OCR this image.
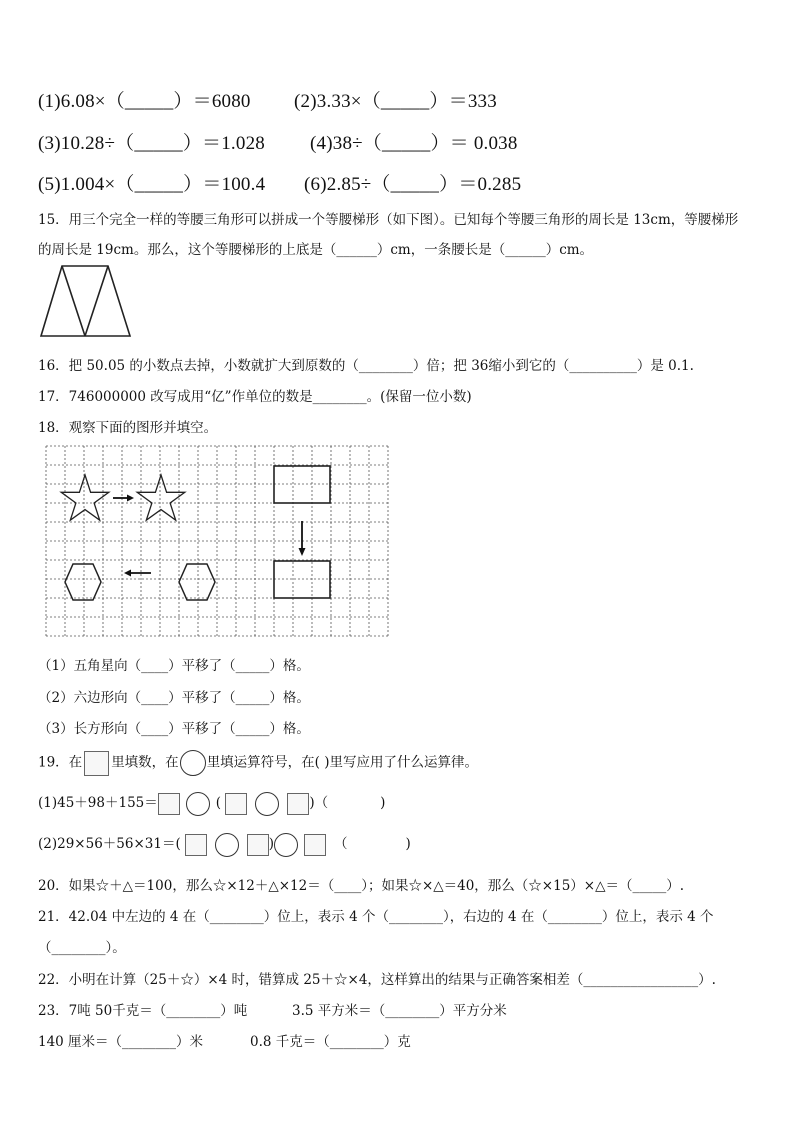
(1)6.08×（_____）＝6080 (2)3.33×（_____）＝333
(3)10.28÷（_____）＝1.028 (4)38÷（_____）＝ 0.038
(5)1.004×（_____）＝100.4 (6)2.85÷（_____）＝0.285
15．用三个完全一样的等腰三角形可以拼成一个等腰梯形（如下图）。已知每个等腰三角形的周长是 13cm，等腰梯形
的周长是 19cm。那么，这个等腰梯形的上底是（______）cm，一条腰长是（______）cm。
16．把 50.05 的小数点去掉，小数就扩大到原数的（________）倍；把 36缩小到它的（__________）是 0.1.
17．746000000 改写成用“亿”作单位的数是________。(保留一位小数)
18．观察下面的图形并填空。
（1）五角星向（____）平移了（_____）格。
（2）六边形向（____）平移了（_____）格。
（3）长方形向（____）平移了（_____）格。
19．在 里填数，在 里填运算符号，在( )里写应用了什么运算律。
(1)45＋98＋155＝	(	)（	)
(2)29×56＋56×31＝(	)	（	)
20．如果☆＋△＝100，那么☆×12＋△×12＝（____）；如果☆×△＝40，那么（☆×15）×△＝（_____）.
21．42.04 中左边的 4 在（________）位上，表示 4 个（________），右边的 4 在（________）位上，表示 4 个
（________）。
22．小明在计算（25＋☆）×4 时，错算成 25＋☆×4，这样算出的结果与正确答案相差（_________________）.
23．7吨 50千克＝（________）吨	3.5 平方米＝（________）平方分米
140 厘米＝（________）米	0.8 千克＝（________）克
